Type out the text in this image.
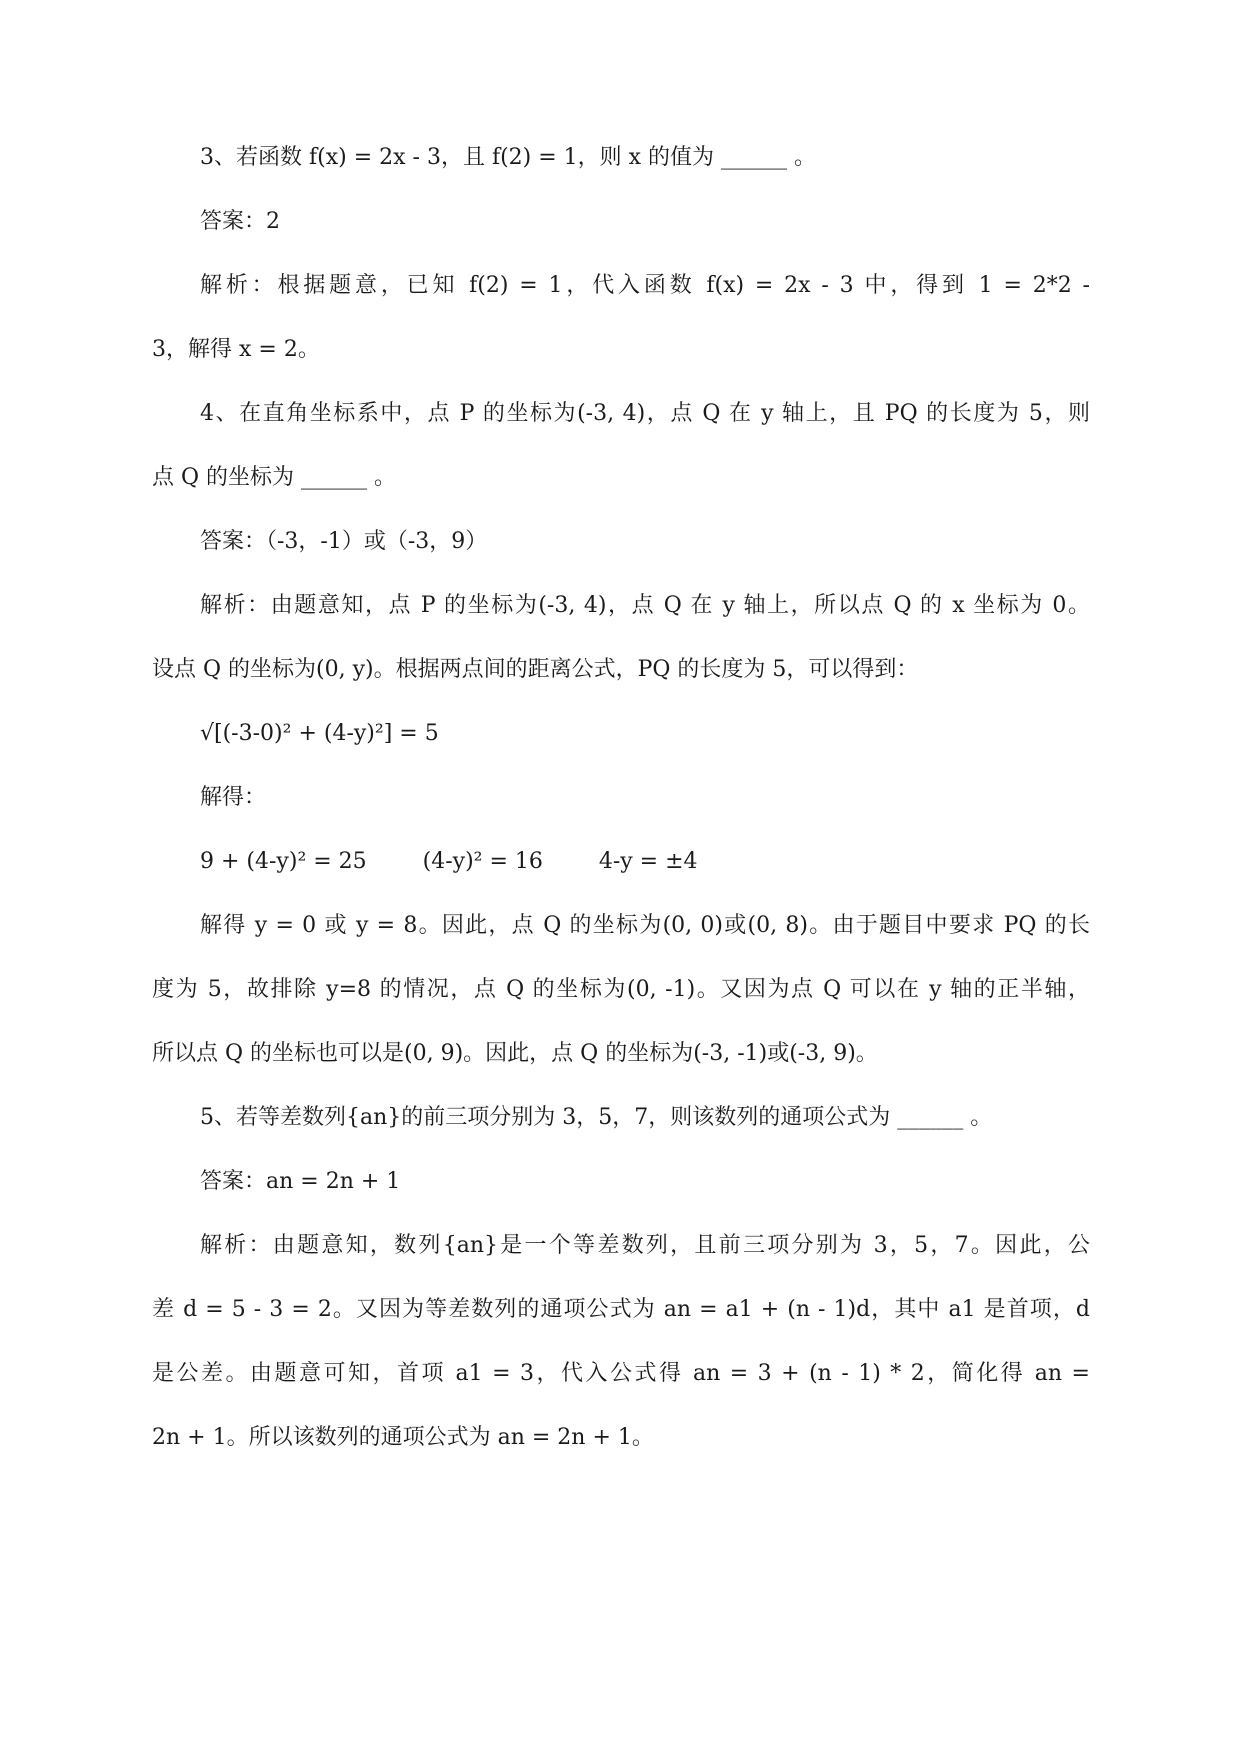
3、若函数 f(x) = 2x - 3，且 f(2) = 1，则 x 的值为 ______ 。
答案：2
解析：根据题意，已知 f(2) = 1，代入函数 f(x) = 2x - 3 中，得到 1 = 2*2 -
3，解得 x = 2。
4、在直角坐标系中，点 P 的坐标为(-3, 4)，点 Q 在 y 轴上，且 PQ 的长度为 5，则
点 Q 的坐标为 ______ 。
答案：（-3，-1）或（-3，9）
解析：由题意知，点 P 的坐标为(-3, 4)，点 Q 在 y 轴上，所以点 Q 的 x 坐标为 0。
设点 Q 的坐标为(0, y)。根据两点间的距离公式，PQ 的长度为 5，可以得到：
√[(-3-0)² + (4-y)²] = 5
解得：
9 + (4-y)² = 25        (4-y)² = 16        4-y = ±4
解得 y = 0 或 y = 8。因此，点 Q 的坐标为(0, 0)或(0, 8)。由于题目中要求 PQ 的长
度为 5，故排除 y=8 的情况，点 Q 的坐标为(0, -1)。又因为点 Q 可以在 y 轴的正半轴，
所以点 Q 的坐标也可以是(0, 9)。因此，点 Q 的坐标为(-3, -1)或(-3, 9)。
5、若等差数列{an}的前三项分别为 3，5，7，则该数列的通项公式为 ______ 。
答案：an = 2n + 1
解析：由题意知，数列{an}是一个等差数列，且前三项分别为 3，5，7。因此，公
差 d = 5 - 3 = 2。又因为等差数列的通项公式为 an = a1 + (n - 1)d，其中 a1 是首项，d
是公差。由题意可知，首项 a1 = 3，代入公式得 an = 3 + (n - 1) * 2，简化得 an =
2n + 1。所以该数列的通项公式为 an = 2n + 1。
